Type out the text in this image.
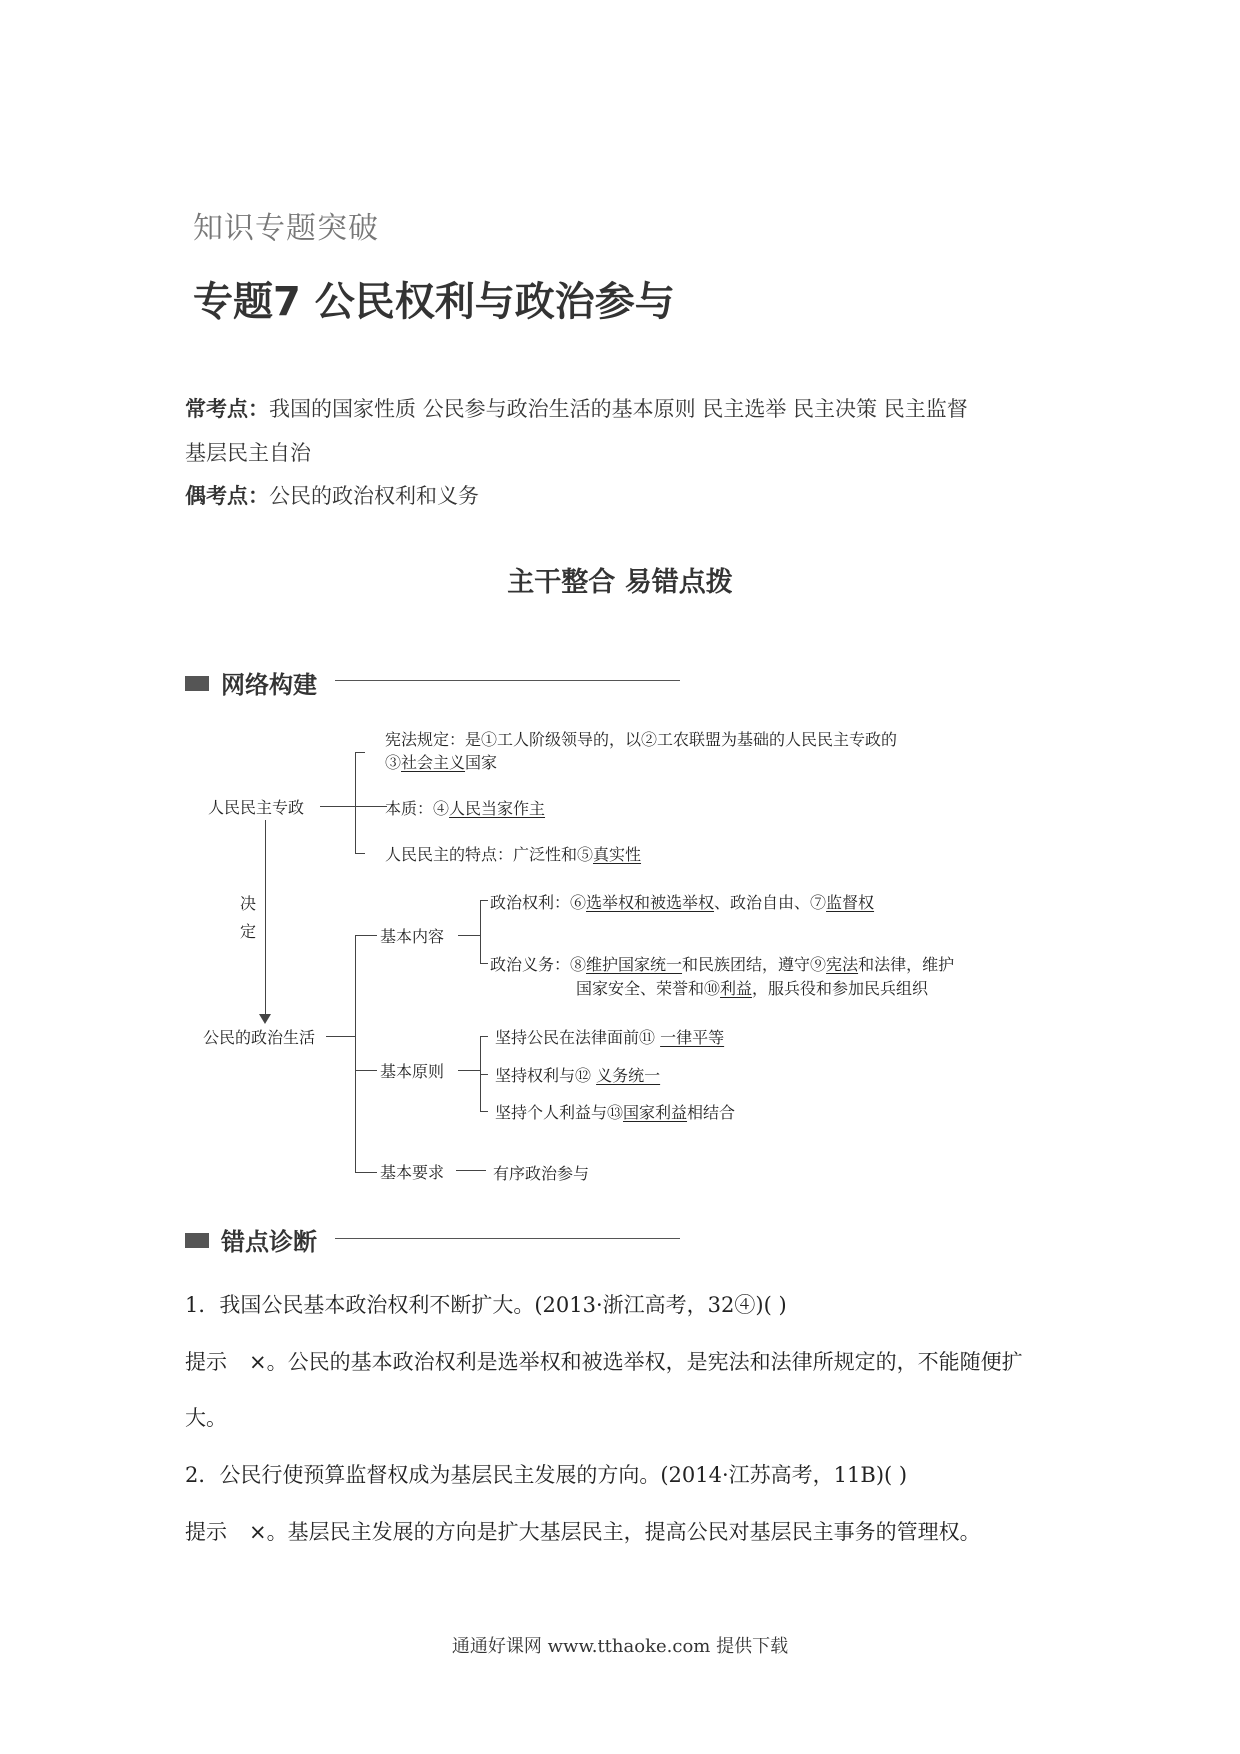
知识专题突破
专题7 公民权利与政治参与
常考点：我国的国家性质 公民参与政治生活的基本原则 民主选举 民主决策 民主监督
基层民主自治
偶考点：公民的政治权利和义务
主干整合 易错点拨
网络构建
人民民主专政
宪法规定：是①工人阶级领导的，以②工农联盟为基础的人民民主专政的
③社会主义国家
本质：④人民当家作主
人民民主的特点：广泛性和⑤真实性
决定
公民的政治生活
基本内容
政治权利：⑥选举权和被选举权、政治自由、⑦监督权
政治义务：⑧维护国家统一和民族团结，遵守⑨宪法和法律，维护
国家安全、荣誉和⑩利益，服兵役和参加民兵组织
基本原则
坚持公民在法律面前⑪ 一律平等
坚持权利与⑫ 义务统一
坚持个人利益与⑬国家利益相结合
基本要求	有序政治参与
错点诊断
1．我国公民基本政治权利不断扩大。(2013·浙江高考，32④)( )
提示 ×。公民的基本政治权利是选举权和被选举权，是宪法和法律所规定的，不能随便扩
大。
2．公民行使预算监督权成为基层民主发展的方向。(2014·江苏高考，11B)( )
提示 ×。基层民主发展的方向是扩大基层民主，提高公民对基层民主事务的管理权。
通通好课网 www.tthaoke.com 提供下载
